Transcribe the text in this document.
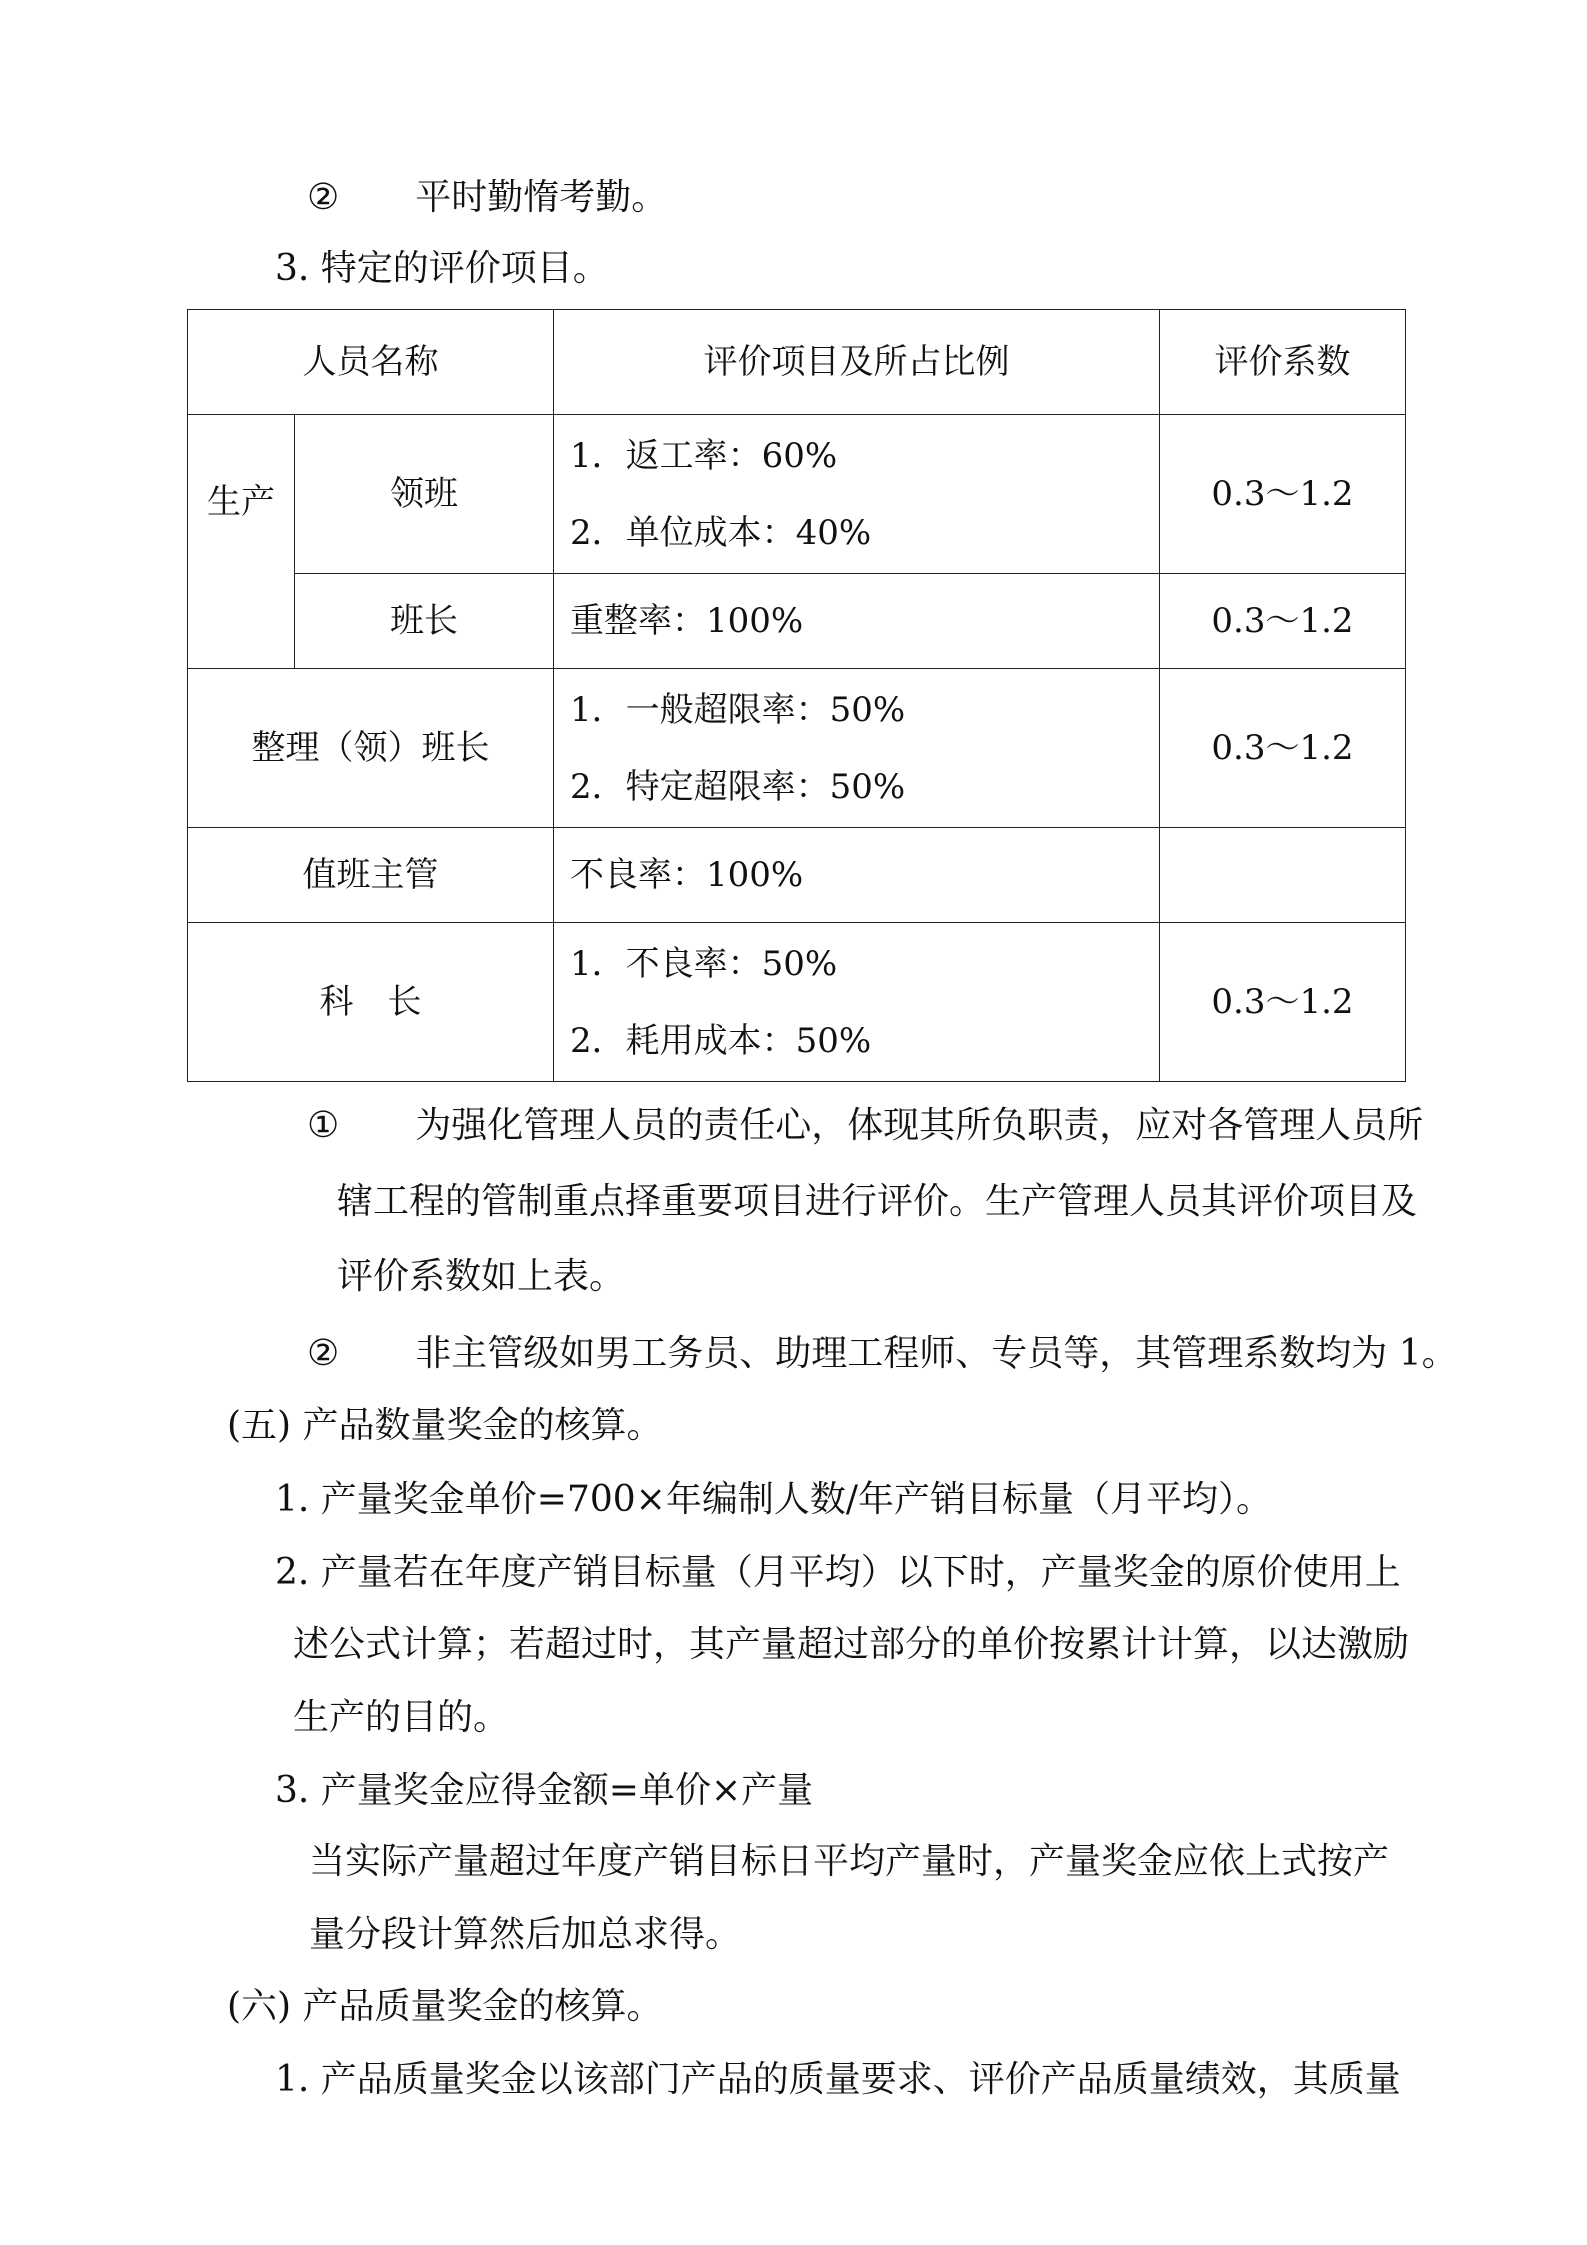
② 平时勤惰考勤。
3. 特定的评价项目。
人员名称		评价项目及所占比例	评价系数
生产	领班	1．返工率：60%
2．单位成本：40%	0.3～1.2
	班长	重整率：100%	0.3～1.2
整理（领）班长		1．一般超限率：50%
2．特定超限率：50%	0.3～1.2
值班主管		不良率：100%	

科　长		1．不良率：50%
2．耗用成本：50%	0.3～1.2
① 为强化管理人员的责任心，体现其所负职责，应对各管理人员所
辖工程的管制重点择重要项目进行评价。生产管理人员其评价项目及
评价系数如上表。
② 非主管级如男工务员、助理工程师、专员等，其管理系数均为 1。
(五) 产品数量奖金的核算。
1. 产量奖金单价=700×年编制人数/年产销目标量（月平均）。
2. 产量若在年度产销目标量（月平均）以下时，产量奖金的原价使用上
述公式计算；若超过时，其产量超过部分的单价按累计计算，以达激励
生产的目的。
3. 产量奖金应得金额=单价×产量
当实际产量超过年度产销目标日平均产量时，产量奖金应依上式按产
量分段计算然后加总求得。
(六) 产品质量奖金的核算。
1. 产品质量奖金以该部门产品的质量要求、评价产品质量绩效，其质量
